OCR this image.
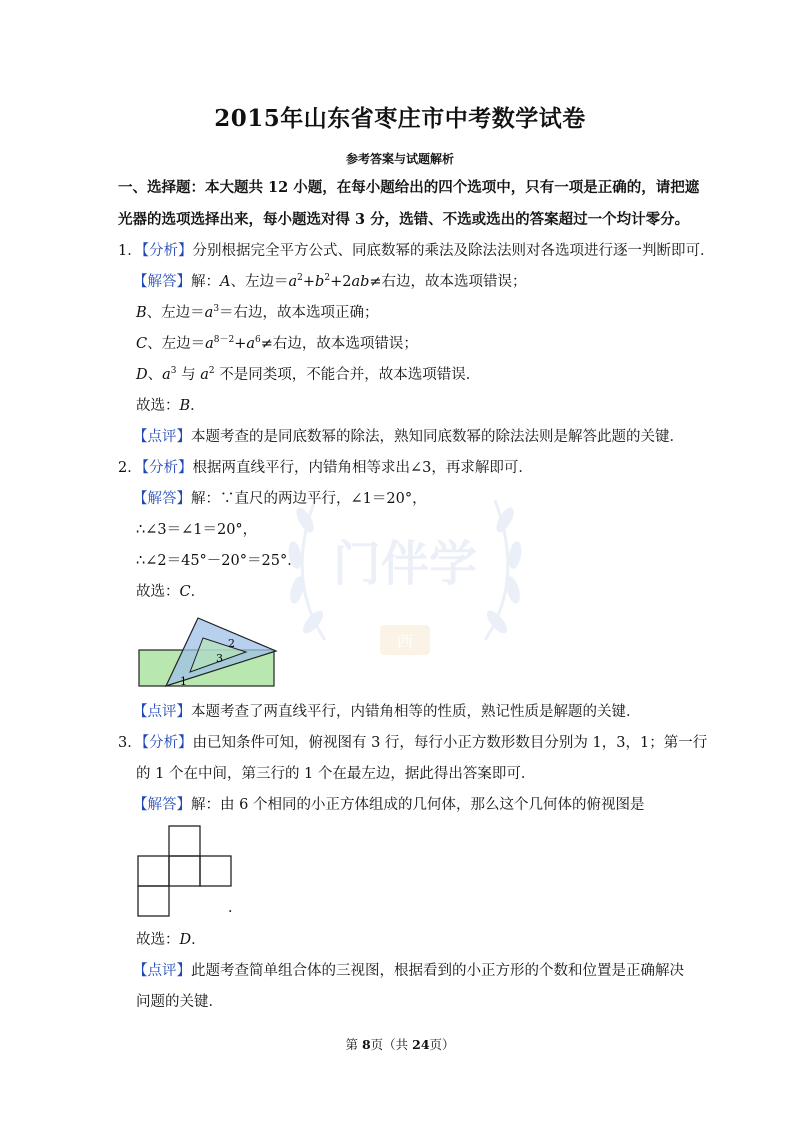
门伴学
西
2015年山东省枣庄市中考数学试卷
参考答案与试题解析
一、选择题：本大题共 12 小题，在每小题给出的四个选项中，只有一项是正确的，请把遮
光器的选项选择出来，每小题选对得 3 分，选错、不选或选出的答案超过一个均计零分。
1．【分析】分别根据完全平方公式、同底数幂的乘法及除法法则对各选项进行逐一判断即可．
【解答】解：A、左边$=a^2+b^2+2ab\ne$右边，故本选项错误；
B、左边$=a^3=$右边，故本选项正确；
C、左边$=a^{8-2}+a^6\ne$右边，故本选项错误；
D、$a^3$ 与 $a^2$ 不是同类项，不能合并，故本选项错误．
故选：B．
【点评】本题考查的是同底数幂的除法，熟知同底数幂的除法法则是解答此题的关键．
2．【分析】根据两直线平行，内错角相等求出∠3，再求解即可．
【解答】解：∵直尺的两边平行，∠1＝20°，
∴∠3＝∠1＝20°，
∴∠2＝45°－20°＝25°．
故选：C．
2
3
1
【点评】本题考查了两直线平行，内错角相等的性质，熟记性质是解题的关键．
3．【分析】由已知条件可知，俯视图有 3 行，每行小正方数形数目分别为 1，3，1；第一行
的 1 个在中间，第三行的 1 个在最左边，据此得出答案即可．
【解答】解：由 6 个相同的小正方体组成的几何体，那么这个几何体的俯视图是
．
故选：D．
【点评】此题考查简单组合体的三视图，根据看到的小正方形的个数和位置是正确解决
问题的关键．
第 8页（共 24页）
